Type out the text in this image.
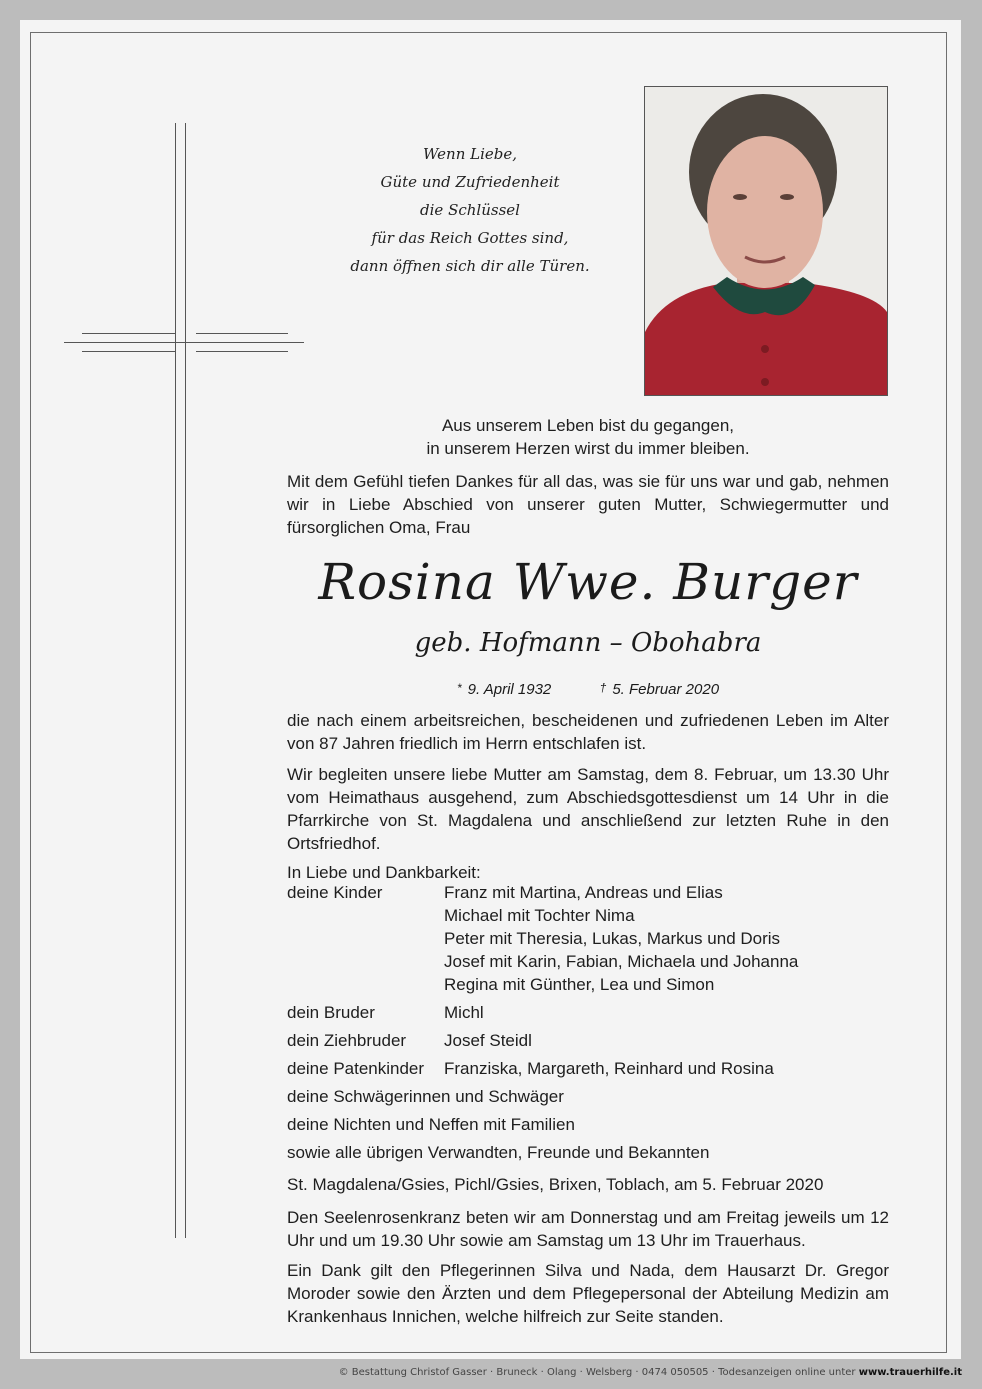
Wenn Liebe,
Güte und Zufriedenheit
die Schlüssel
für das Reich Gottes sind,
dann öffnen sich dir alle Türen.
Aus unserem Leben bist du gegangen,
in unserem Herzen wirst du immer bleiben.
Mit dem Gefühl tiefen Dankes für all das, was sie für uns war und gab, nehmen wir in Liebe Abschied von unserer guten Mutter, Schwiegermutter und fürsorglichen Oma, Frau
Rosina Wwe. Burger
geb. Hofmann – Obohabra
* 9. April 1932	† 5. Februar 2020
die nach einem arbeitsreichen, bescheidenen und zufriedenen Leben im Alter von 87 Jahren friedlich im Herrn entschlafen ist.
Wir begleiten unsere liebe Mutter am Samstag, dem 8. Februar, um 13.30 Uhr vom Heimathaus ausgehend, zum Abschiedsgottesdienst um 14 Uhr in die Pfarrkirche von St. Magdalena und anschließend zur letzten Ruhe in den Ortsfriedhof.
In Liebe und Dankbarkeit:
deine Kinder	Franz mit Martina, Andreas und Elias
Michael mit Tochter Nima
Peter mit Theresia, Lukas, Markus und Doris
Josef mit Karin, Fabian, Michaela und Johanna
Regina mit Günther, Lea und Simon
dein Bruder	Michl
dein Ziehbruder Josef Steidl
deine Patenkinder Franziska, Margareth, Reinhard und Rosina
deine Schwägerinnen und Schwäger
deine Nichten und Neffen mit Familien
sowie alle übrigen Verwandten, Freunde und Bekannten
St. Magdalena/Gsies, Pichl/Gsies, Brixen, Toblach, am 5. Februar 2020
Den Seelenrosenkranz beten wir am Donnerstag und am Freitag jeweils um 12 Uhr und um 19.30 Uhr sowie am Samstag um 13 Uhr im Trauerhaus.
Ein Dank gilt den Pflegerinnen Silva und Nada, dem Hausarzt Dr. Gregor Moroder sowie den Ärzten und dem Pflegepersonal der Abteilung Medizin am Krankenhaus Innichen, welche hilfreich zur Seite standen.
© Bestattung Christof Gasser · Bruneck · Olang · Welsberg · 0474 050505 · Todesanzeigen online unter www.trauerhilfe.it
